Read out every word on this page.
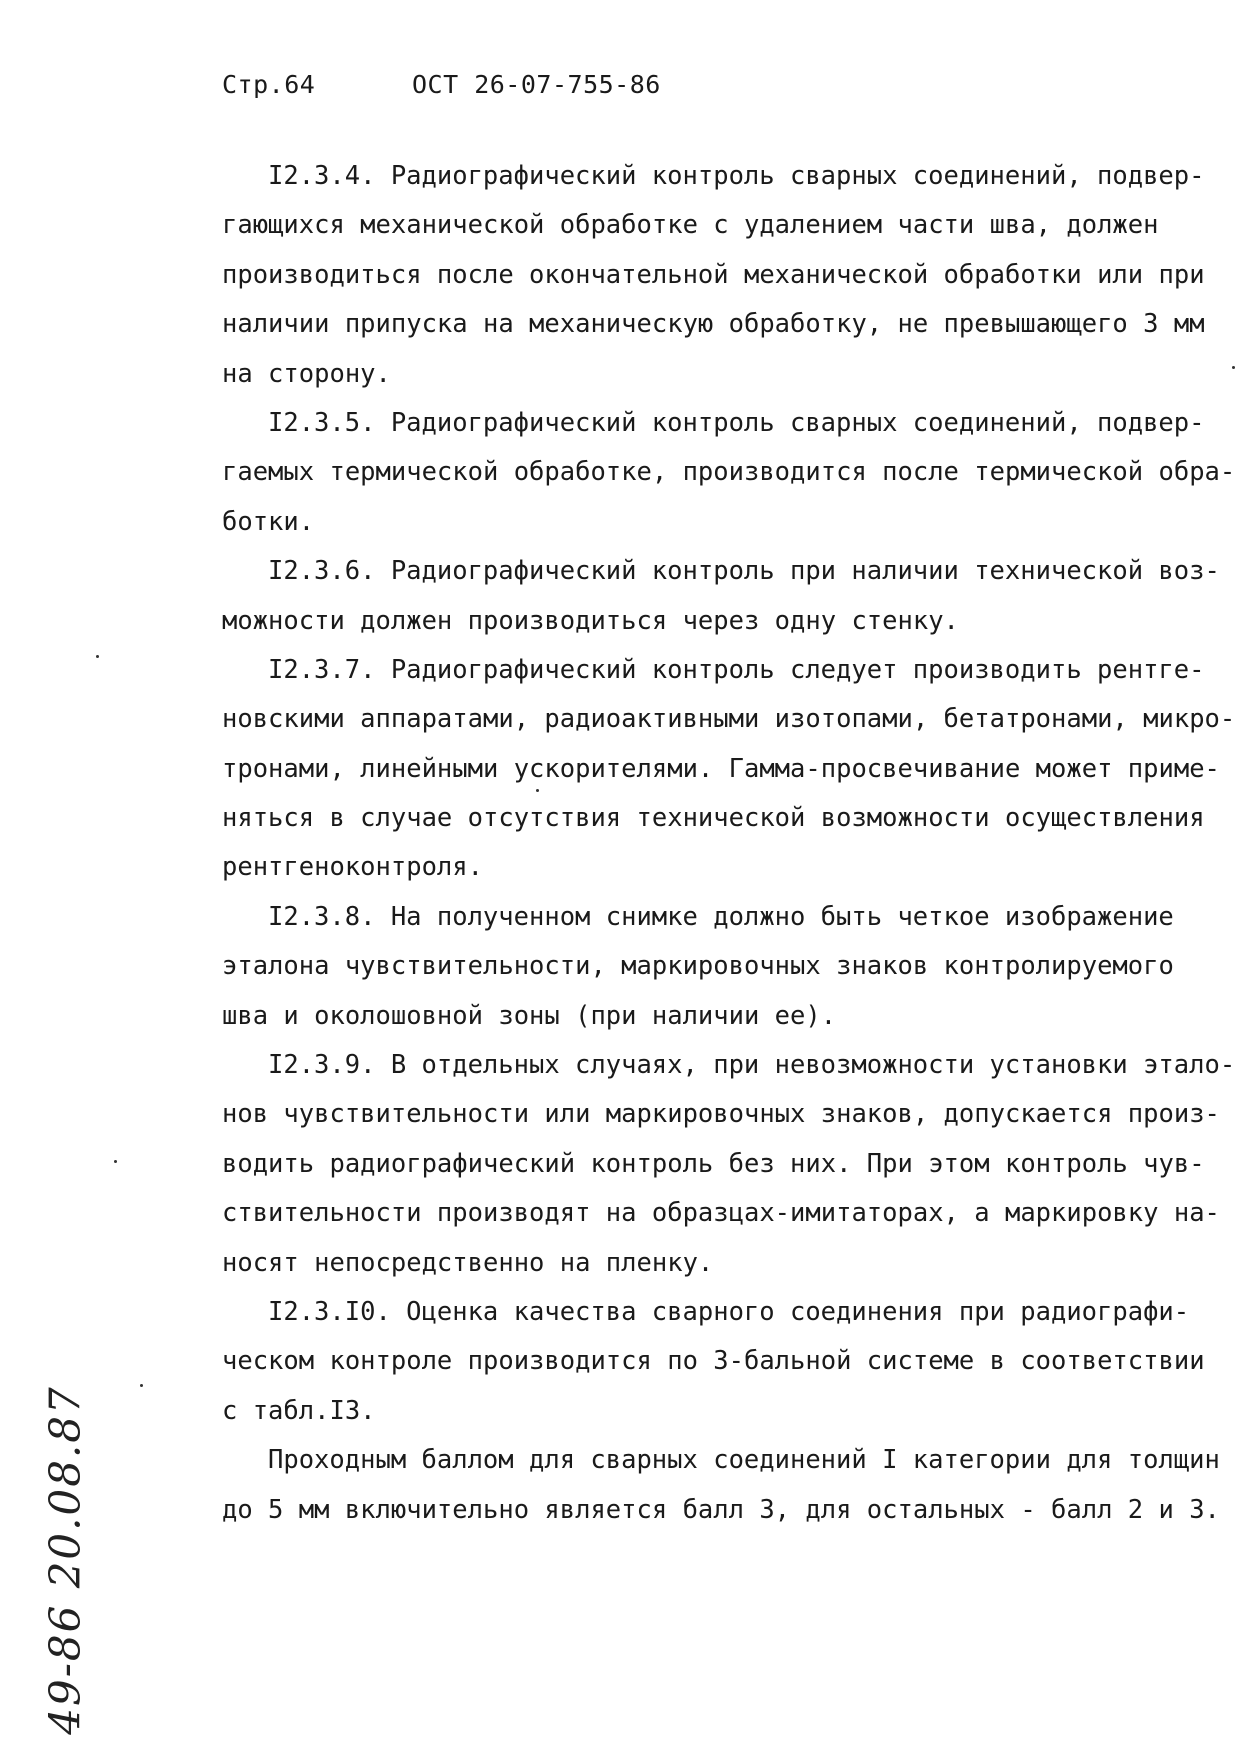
Стр.64	ОСТ 26-07-755-86
I2.3.4. Радиографический контроль сварных соединений, подвер-
гающихся механической обработке с удалением части шва, должен
производиться после окончательной механической обработки или при
наличии припуска на механическую обработку, не превышающего 3 мм
на сторону.
I2.3.5. Радиографический контроль сварных соединений, подвер-
гаемых термической обработке, производится после термической обра-
ботки.
I2.3.6. Радиографический контроль при наличии технической воз-
можности должен производиться через одну стенку.
I2.3.7. Радиографический контроль следует производить рентге-
новскими аппаратами, радиоактивными изотопами, бетатронами, микро-
тронами, линейными ускорителями. Гамма-просвечивание может приме-
няться в случае отсутствия технической возможности осуществления
рентгеноконтроля.
I2.3.8. На полученном снимке должно быть четкое изображение
эталона чувствительности, маркировочных знаков контролируемого
шва и околошовной зоны (при наличии ее).
I2.3.9. В отдельных случаях, при невозможности установки этало-
нов чувствительности или маркировочных знаков, допускается произ-
водить радиографический контроль без них. При этом контроль чув-
ствительности производят на образцах-имитаторах, а маркировку на-
носят непосредственно на пленку.
I2.3.I0. Оценка качества сварного соединения при радиографи-
ческом контроле производится по 3-бальной системе в соответствии
с табл.I3.
Проходным баллом для сварных соединений I категории для толщин
до 5 мм включительно является балл 3, для остальных - балл 2 и 3.
49-86 20.08.87
